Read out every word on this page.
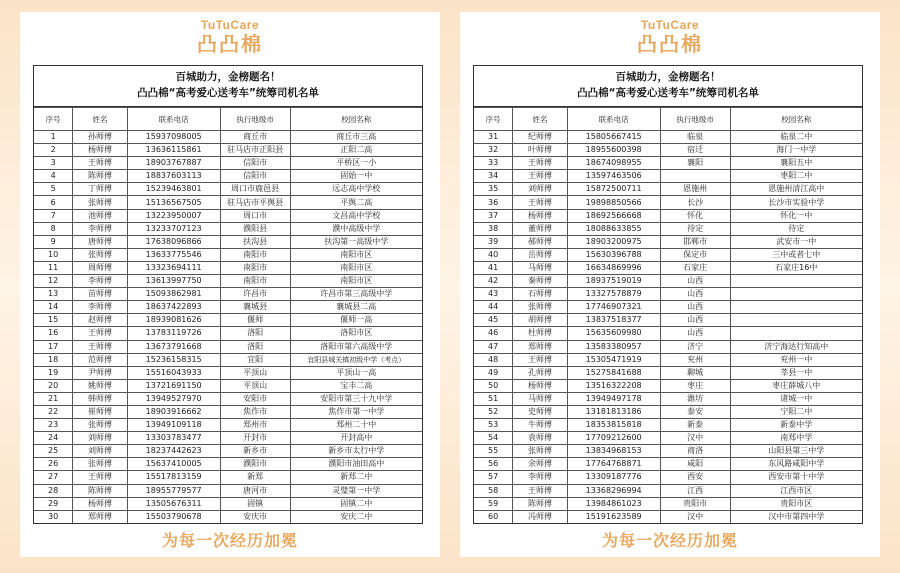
TuTuCare
凸凸棉
百城助力，金榜题名！
凸凸棉“高考爱心送考车”统筹司机名单
序号	姓名	联系电话	执行地级市	校园名称
1	孙师傅	15937098005	商丘市	商丘市三高
2	杨师傅	13636115861	驻马店市正阳县	正阳二高
3	王师傅	18903767887	信阳市	平桥区一小
4	陈师傅	18837603113	信阳市	固始一中
5	丁师傅	15239463801	周口市鹿邑县	远志高中学校
6	张师傅	15136567505	驻马店市平舆县	平舆二高
7	池师傅	13223950007	周口市	文昌高中学校
8	李师傅	13233707123	濮阳县	濮中高级中学
9	唐师傅	17638096866	扶沟县	扶沟第一高级中学
10	张师傅	13633775546	南阳市	南阳市区
11	周师傅	13323694111	南阳市	南阳市区
12	李师傅	13613997750	南阳市	南阳市区
13	苗师傅	15093862981	许昌市	许昌市第三高级中学
14	李师傅	18637422893	襄城县	襄城县二高
15	赵师傅	18939081626	偃师	偃师一高
16	王师傅	13783119726	洛阳	洛阳市区
17	王师傅	13673791668	洛阳	洛阳市第六高级中学
18	范师傅	15236158315	宜阳	宜阳县城关镇初级中学（考点）
19	尹师傅	15516043933	平顶山	平顶山一高
20	姚师傅	13721691150	平顶山	宝丰二高
21	韩师傅	13949527970	安阳市	安阳市第三十九中学
22	崔师傅	18903916662	焦作市	焦作市第一中学
23	张师傅	13949109118	郑州市	郑州二十中
24	刘师傅	13303783477	开封市	开封高中
25	刘师傅	18237442623	新乡市	新乡市太行中学
26	张师傅	15637410005	濮阳市	濮阳市油田高中
27	王师傅	15517813159	新郑	新郑二中
28	陈师傅	18955779577	唐河市	灵璧第一中学
29	杨师傅	13505676311	固镇	固镇二中
30	郑师傅	15503790678	安庆市	安庆二中
为每一次经历加冕
TuTuCare
凸凸棉
百城助力，金榜题名！
凸凸棉“高考爱心送考车”统筹司机名单
序号	姓名	联系电话	执行地级市	校园名称
31	纪师傅	15805667415	临泉	临泉二中
32	叶师傅	18955600398	宿迁	海门一中学
33	王师傅	18674098955	襄阳	襄阳五中
34	王师傅	13597463506		枣阳二中
35	刘师傅	15872500711	恩施州	恩施州清江高中
36	王师傅	19898850566	长沙	长沙市实验中学
37	杨师傅	18692566668	怀化	怀化一中
38	董师傅	18088633855	待定	待定
39	郝师傅	18903200975	邯郸市	武安市一中
40	岳师傅	15630396788	保定市	三中或者七中
41	马师傅	16634869996	石家庄	石家庄16中
42	秦师傅	18937519019	山西	
43	石师傅	13327578879	山西	
44	张师傅	17746907321	山西	
45	胡师傅	13837518377	山西	
46	杜师傅	15635609980	山西	
47	郑师傅	13583380957	济宁	济宁海达行知高中
48	王师傅	15305471919	兖州	兖州一中
49	孔师傅	15275841688	聊城	莘县一中
50	杨师傅	13516322208	枣庄	枣庄薛城八中
51	马师傅	13949497178	潍坊	诸城一中
52	史师傅	13181813186	泰安	宁阳二中
53	牛师傅	18353815818	新泰	新泰中学
54	袁师傅	17709212600	汉中	南郑中学
55	张师傅	13834968153	商洛	山阳县第三中学
56	余师傅	17764768871	咸阳	东风路咸阳中学
57	李师傅	13309187776	西安	西安市第十中学
58	王师傅	13368296994	江西	江西市区
59	陈师傅	13984861023	贵阳市	贵阳市区
60	冯师傅	15191623589	汉中	汉中市第四中学
为每一次经历加冕
